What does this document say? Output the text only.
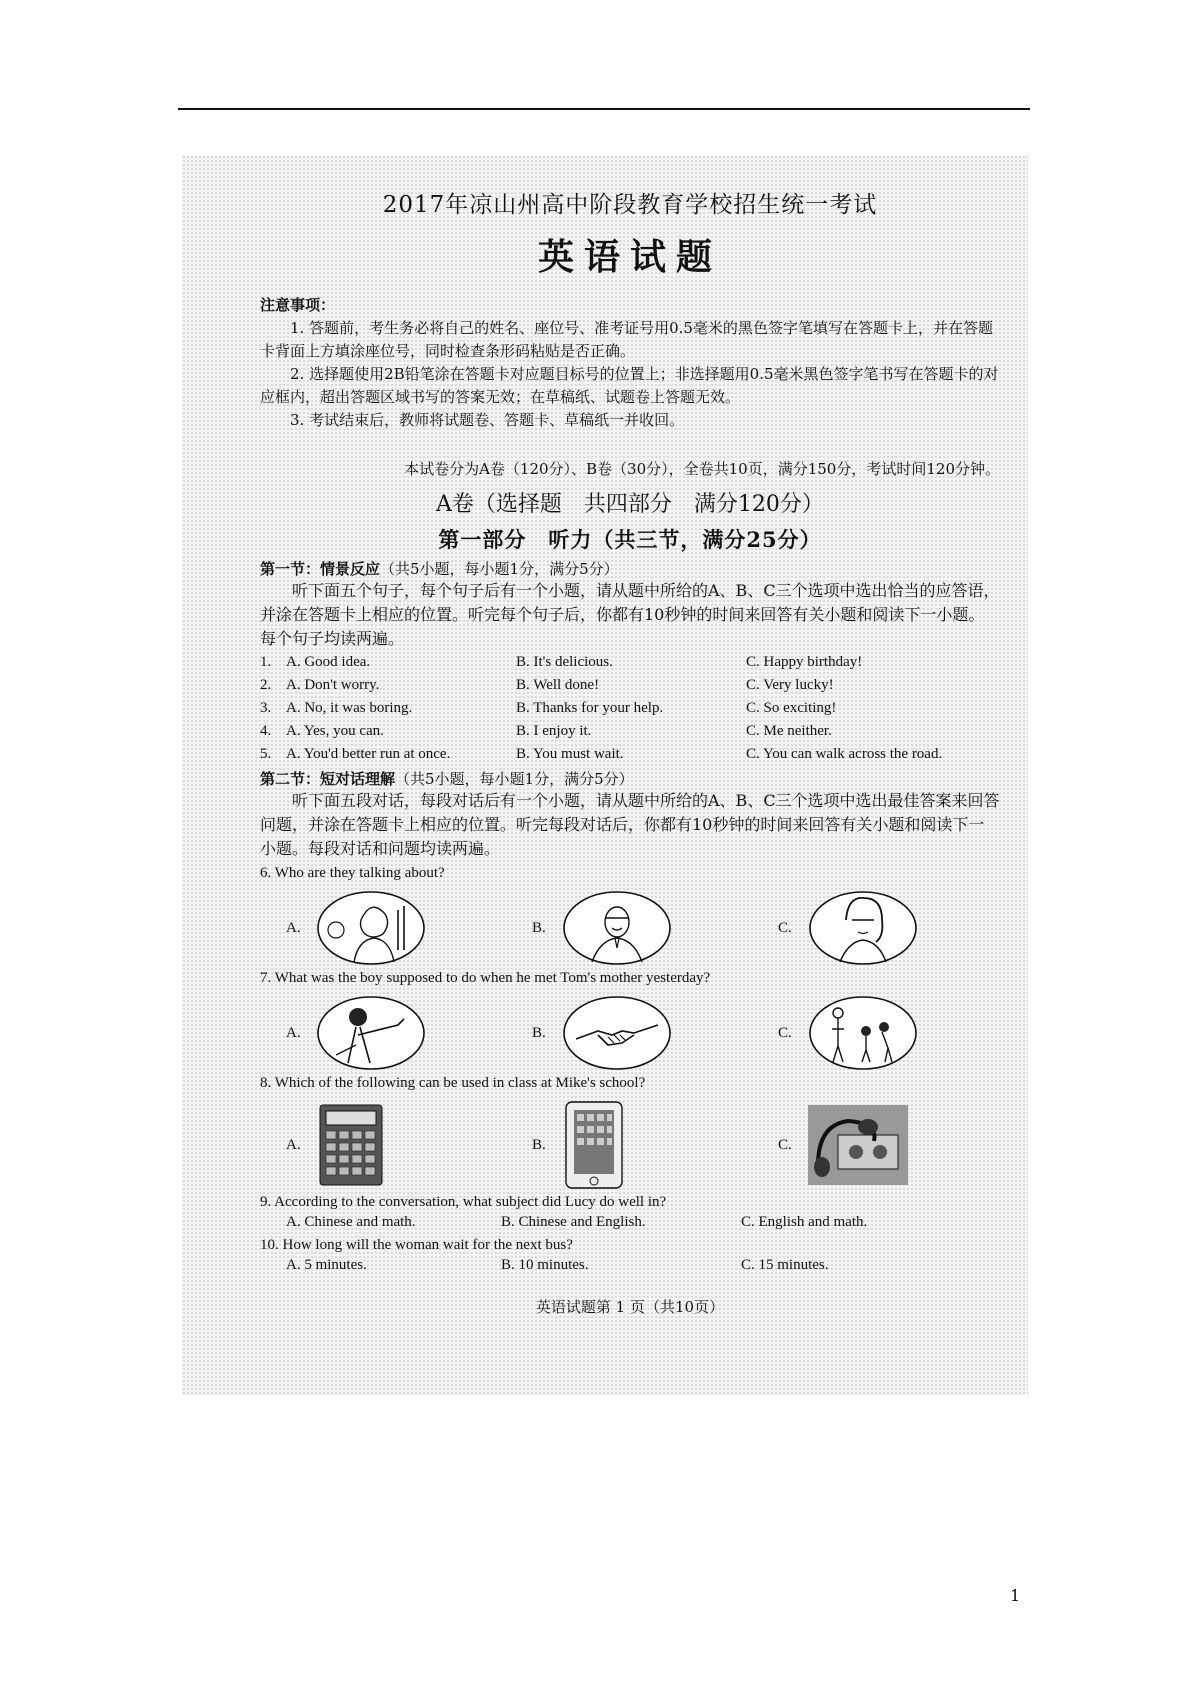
2017年凉山州高中阶段教育学校招生统一考试
英语试题
注意事项：
1. 答题前，考生务必将自己的姓名、座位号、准考证号用0.5毫米的黑色签字笔填写在答题卡上，并在答题卡背面上方填涂座位号，同时检查条形码粘贴是否正确。
2. 选择题使用2B铅笔涂在答题卡对应题目标号的位置上；非选择题用0.5毫米黑色签字笔书写在答题卡的对应框内，超出答题区域书写的答案无效；在草稿纸、试题卷上答题无效。
3. 考试结束后，教师将试题卷、答题卡、草稿纸一并收回。
本试卷分为A卷（120分）、B卷（30分），全卷共10页，满分150分，考试时间120分钟。
A卷（选择题　共四部分　满分120分）
第一部分　听力（共三节，满分25分）
第一节：情景反应（共5小题，每小题1分，满分5分）
听下面五个句子，每个句子后有一个小题，请从题中所给的A、B、C三个选项中选出恰当的应答语，并涂在答题卡上相应的位置。听完每个句子后，你都有10秒钟的时间来回答有关小题和阅读下一小题。每个句子均读两遍。
1. A. Good idea.	B. It's delicious.	C. Happy birthday!
2. A. Don't worry.	B. Well done!	C. Very lucky!
3. A. No, it was boring.	B. Thanks for your help.	C. So exciting!
4. A. Yes, you can.	B. I enjoy it.	C. Me neither.
5. A. You'd better run at once.	B. You must wait.	C. You can walk across the road.
第二节：短对话理解（共5小题，每小题1分，满分5分）
听下面五段对话，每段对话后有一个小题，请从题中所给的A、B、C三个选项中选出最佳答案来回答问题，并涂在答题卡上相应的位置。听完每段对话后，你都有10秒钟的时间来回答有关小题和阅读下一小题。每段对话和问题均读两遍。
6. Who are they talking about?
A.	B.	C.
7. What was the boy supposed to do when he met Tom's mother yesterday?
A.	B.	C.
8. Which of the following can be used in class at Mike's school?
A.	B.	C.
9. According to the conversation, what subject did Lucy do well in?
A. Chinese and math.	B. Chinese and English.	C. English and math.
10. How long will the woman wait for the next bus?
A. 5 minutes.	B. 10 minutes.	C. 15 minutes.
英语试题第 1 页（共10页）
1
